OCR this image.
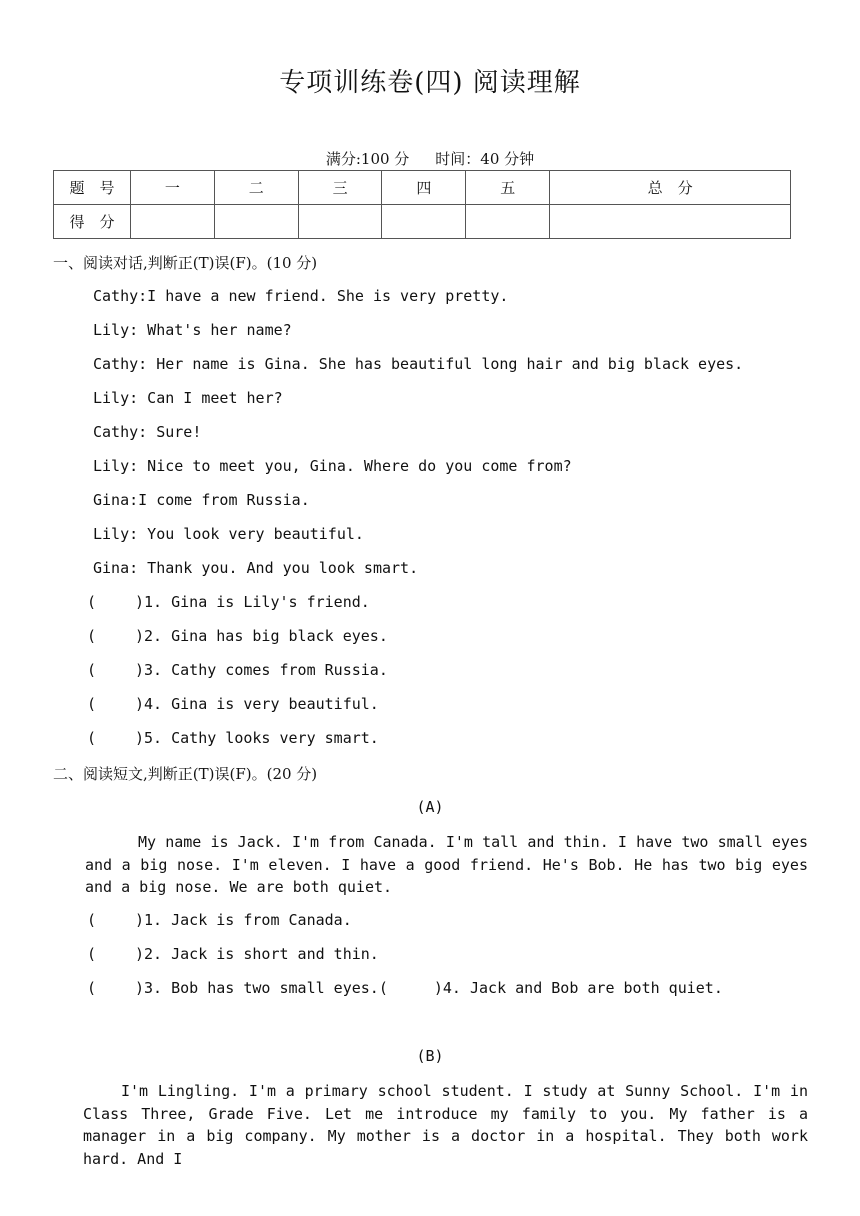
专项训练卷(四) 阅读理解
满分:100 分 时间：40 分钟
题　号	一	二	三	四	五	总　分
得　分						
一、阅读对话,判断正(T)误(F)。(10 分)
Cathy:I have a new friend. She is very pretty.
Lily: What's her name?
Cathy: Her name is Gina. She has beautiful long hair and big black eyes.
Lily: Can I meet her?
Cathy: Sure!
Lily: Nice to meet you, Gina. Where do you come from?
Gina:I come from Russia.
Lily: You look very beautiful.
Gina: Thank you. And you look smart.
(	)1. Gina is Lily's friend.
(	)2. Gina has big black eyes.
(	)3. Cathy comes from Russia.
(	)4. Gina is very beautiful.
(	)5. Cathy looks very smart.
二、阅读短文,判断正(T)误(F)。(20 分)
(A)
My name is Jack. I'm from Canada. I'm tall and thin. I have two small eyes and a big nose. I'm eleven. I have a good friend. He's Bob. He has two big eyes and a big nose. We are both quiet.
(	)1. Jack is from Canada.
(	)2. Jack is short and thin.
(	)3. Bob has two small eyes.(	)4. Jack and Bob are both quiet.
(B)
I'm Lingling. I'm a primary school student. I study at Sunny School. I'm in Class Three, Grade Five. Let me introduce my family to you. My father is a manager in a big company. My mother is a doctor in a hospital. They both work hard. And I
